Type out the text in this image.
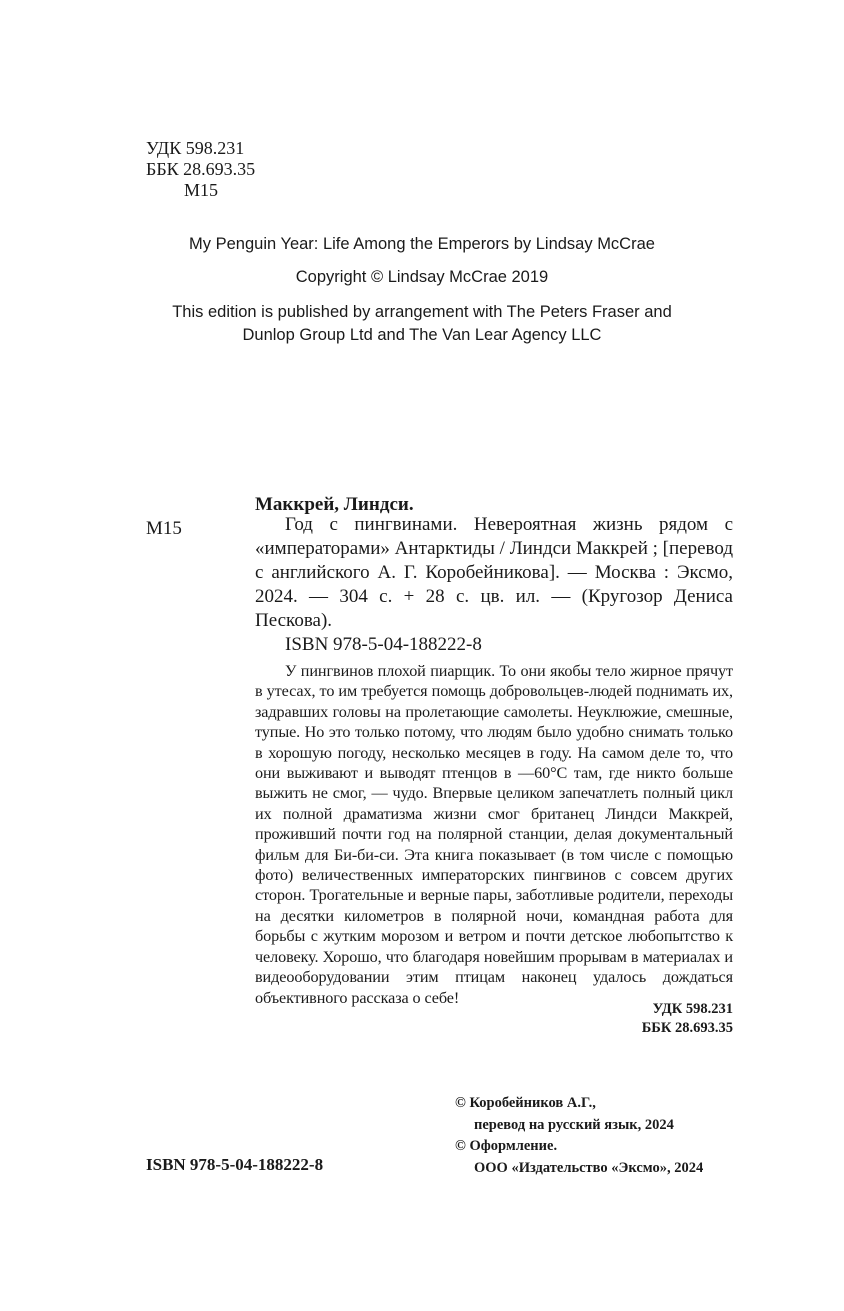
УДК 598.231
ББК 28.693.35
М15
My Penguin Year: Life Among the Emperors by Lindsay McCrae
Copyright © Lindsay McCrae 2019
This edition is published by arrangement with The Peters Fraser and
Dunlop Group Ltd and The Van Lear Agency LLC
Маккрей, Линдси.
М15	Год с пингвинами. Невероятная жизнь рядом с «императорами» Антарктиды / Линдси Маккрей ; [перевод с английского А. Г. Коробейникова]. — Москва : Эксмо, 2024. — 304 с. + 28 с. цв. ил. — (Кругозор Дениса Пескова).
ISBN 978-5-04-188222-8
У пингвинов плохой пиарщик. То они якобы тело жирное прячут в утесах, то им требуется помощь добровольцев-людей поднимать их, задравших головы на пролетающие самолеты. Неуклюжие, смешные, тупые. Но это только потому, что людям было удобно снимать только в хорошую погоду, несколько месяцев в году. На самом деле то, что они выживают и выводят птенцов в —60°С там, где никто больше выжить не смог, — чудо. Впервые целиком запечатлеть полный цикл их полной драматизма жизни смог британец Линдси Маккрей, проживший почти год на полярной станции, делая документальный фильм для Би-би-си. Эта книга показывает (в том числе с помощью фото) величественных императорских пингвинов с совсем других сторон. Трогательные и верные пары, заботливые родители, переходы на десятки километров в полярной ночи, командная работа для борьбы с жутким морозом и ветром и почти детское любопытство к человеку. Хорошо, что благодаря новейшим прорывам в материалах и видеооборудовании этим птицам наконец удалось дождаться объективного рассказа о себе!
УДК 598.231
ББК 28.693.35
© Коробейников А.Г.,
перевод на русский язык, 2024
© Оформление.
ООО «Издательство «Эксмо», 2024
ISBN 978-5-04-188222-8
